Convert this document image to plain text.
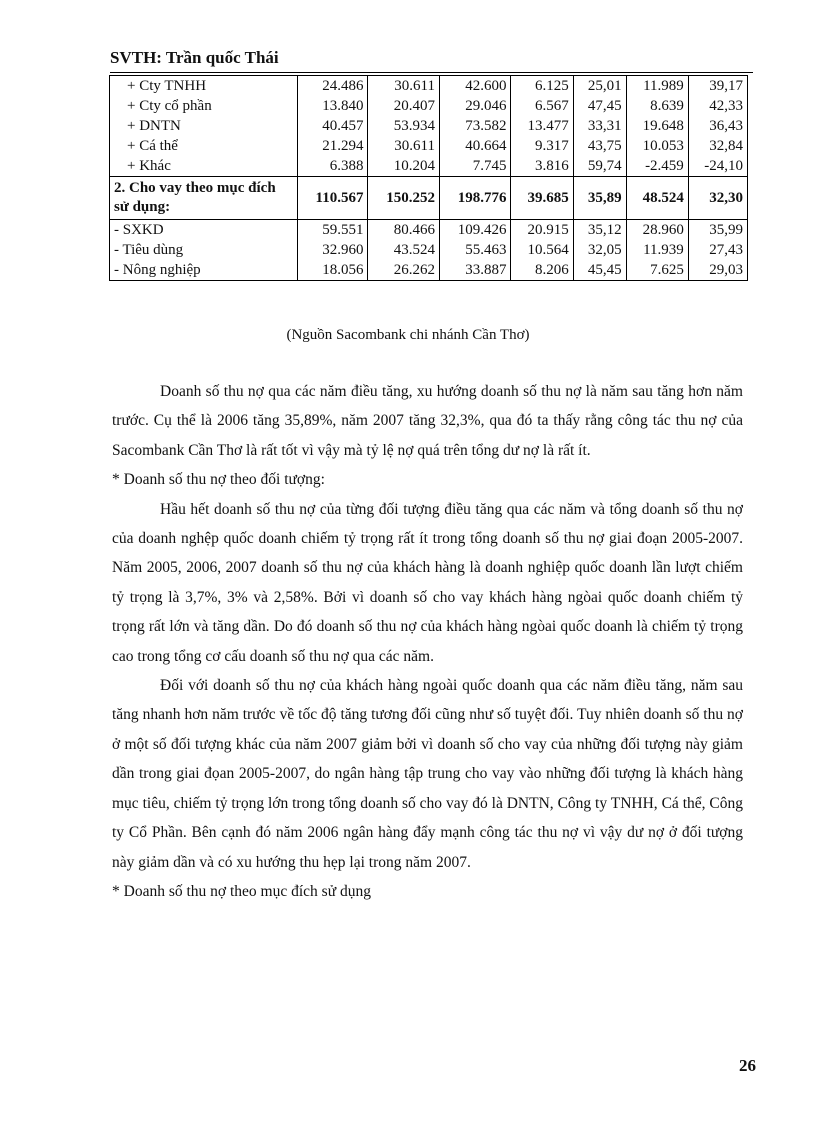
SVTH: Trần quốc Thái
+ Cty TNHH	24.486	30.611	42.600	6.125	25,01	11.989	39,17
+ Cty cổ phần	13.840	20.407	29.046	6.567	47,45	8.639	42,33
+ DNTN	40.457	53.934	73.582	13.477	33,31	19.648	36,43
+ Cá thể	21.294	30.611	40.664	9.317	43,75	10.053	32,84
+ Khác	6.388	10.204	7.745	3.816	59,74	-2.459	-24,10
2. Cho vay theo mục đích sử dụng:	110.567	150.252	198.776	39.685	35,89	48.524	32,30
- SXKD	59.551	80.466	109.426	20.915	35,12	28.960	35,99
- Tiêu dùng	32.960	43.524	55.463	10.564	32,05	11.939	27,43
- Nông nghiệp	18.056	26.262	33.887	8.206	45,45	7.625	29,03
(Nguồn Sacombank chi nhánh Cần Thơ)

Doanh số thu nợ qua các năm điều tăng, xu hướng doanh số thu nợ là năm sau tăng hơn năm trước. Cụ thể là 2006 tăng 35,89%, năm 2007 tăng 32,3%, qua đó ta thấy rằng công tác thu nợ của Sacombank Cần Thơ là rất tốt vì vậy mà tỷ lệ nợ quá trên tổng dư nợ là rất ít.

* Doanh số thu nợ theo đối tượng:

Hầu hết doanh số thu nợ của từng đối tượng điều tăng qua các năm và tổng doanh số thu nợ của doanh nghệp quốc doanh chiếm tỷ trọng rất ít trong tổng doanh số thu nợ giai đoạn 2005-2007. Năm 2005, 2006, 2007 doanh số thu nợ của khách hàng là doanh nghiệp quốc doanh lần lượt chiếm tỷ trọng là 3,7%, 3% và 2,58%. Bởi vì doanh số cho vay khách hàng ngòai quốc doanh chiếm tỷ trọng rất lớn và tăng dần. Do đó doanh số thu nợ của khách hàng ngòai quốc doanh là chiếm tỷ trọng cao trong tổng cơ cấu doanh số thu nợ qua các năm.

Đối với doanh số thu nợ của khách hàng ngoài quốc doanh qua các năm điều tăng, năm sau tăng nhanh hơn năm trước về tốc độ tăng tương đối cũng như số tuyệt đối. Tuy nhiên doanh số thu nợ ở một số đối tượng khác của năm 2007 giảm bởi vì doanh số cho vay của những đối tượng này giảm dần trong giai đọan 2005-2007, do ngân hàng tập trung cho vay vào những đối tượng là khách hàng mục tiêu, chiếm tỷ trọng lớn trong tổng doanh số cho vay đó là DNTN, Công ty TNHH, Cá thể, Công ty Cổ Phần. Bên cạnh đó năm 2006 ngân hàng đẩy mạnh công tác thu nợ vì vậy dư nợ ở đối tượng này giảm dần và có xu hướng thu hẹp lại trong năm 2007.

* Doanh số thu nợ theo mục đích sử dụng

26
